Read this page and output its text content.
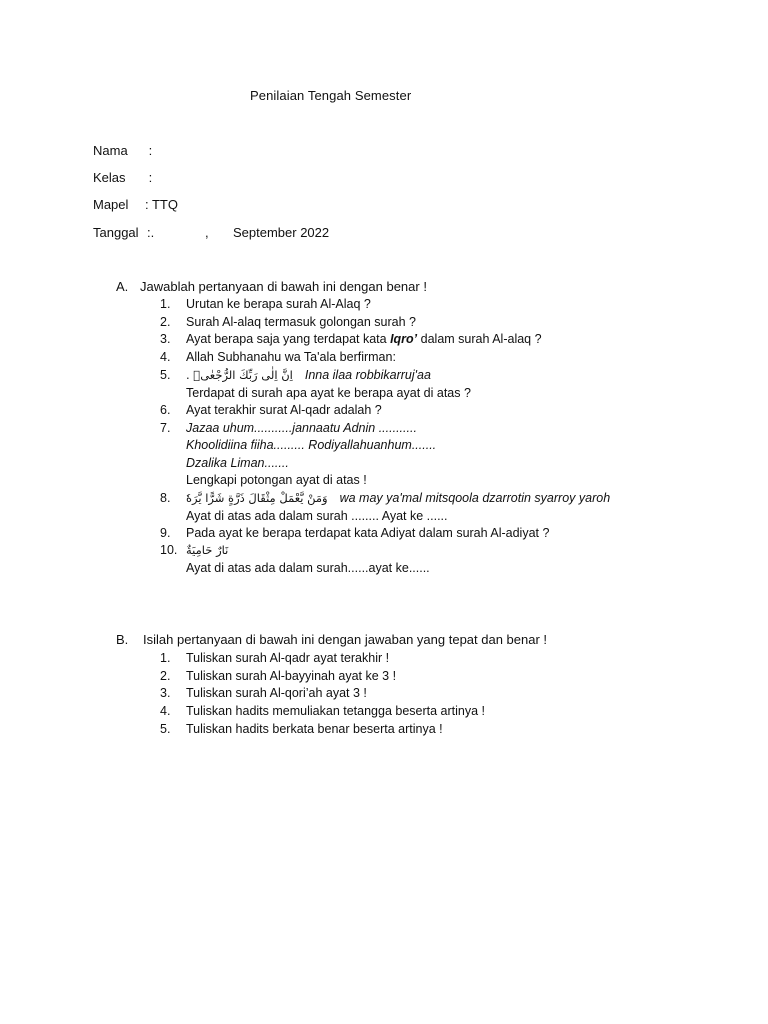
Penilaian Tengah Semester
Nama :
Kelas :
Mapel : TTQ
Tanggal :.	, September 2022
A. Jawablah pertanyaan di bawah ini dengan benar !
1.	Urutan ke berapa surah Al-Alaq ?
2.	Surah Al-alaq termasuk golongan surah ?
3.	Ayat berapa saja yang terdapat kata Iqro’ dalam surah Al-alaq ?
4.	Allah Subhanahu wa Ta'ala berfirman:
5.	اِنَّ اِلٰى رَبِّكَ الرُّجْعٰىۗ . Inna ilaa robbikarruj'aa
Terdapat di surah apa ayat ke berapa ayat di atas ?
6.	Ayat terakhir surat Al-qadr adalah ?
7.	Jazaa uhum...........jannaatu Adnin ...........
Khoolidiina fiiha......... Rodiyallahuanhum.......
Dzalika Liman.......
Lengkapi potongan ayat di atas !
8.	وَمَنْ يَّعْمَلْ مِثْقَالَ ذَرَّةٍ شَرًّا يَّرَهٗ wa may ya'mal mitsqoola dzarrotin syarroy yaroh
Ayat di atas ada dalam surah ........ Ayat ke ......
9.	Pada ayat ke berapa terdapat kata Adiyat dalam surah Al-adiyat ?
10. نَارٌ حَامِيَةٌ
Ayat di atas ada dalam surah......ayat ke......
B. Isilah pertanyaan di bawah ini dengan jawaban yang tepat dan benar !
1.	Tuliskan surah Al-qadr ayat terakhir !
2.	Tuliskan surah Al-bayyinah ayat ke 3 !
3.	Tuliskan surah Al-qori’ah ayat 3 !
4.	Tuliskan hadits memuliakan tetangga beserta artinya !
5.	Tuliskan hadits berkata benar beserta artinya !
